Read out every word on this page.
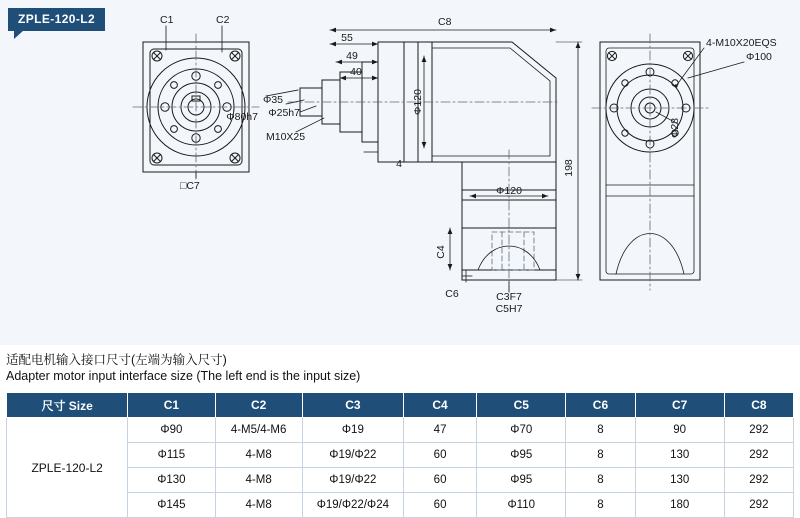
C1	C2
□C7
C8
55
49
40
4
Φ80h7
Φ35
Φ25h7
M10X25
Φ120
Φ120
198
C4
C6	C3F7
C5H7
4-M10X20EQS
Φ100
Φ28
ZPLE-120-L2
适配电机输入接口尺寸(左端为输入尺寸)
Adapter motor input interface size (The left end is the input size)
尺寸 Size	C1	C2	C3	C4	C5	C6	C7	C8
ZPLE-120-L2	Φ90	4-M5/4-M6	Φ19	47	Φ70	8	90	292
	Φ115	4-M8	Φ19/Φ22	60	Φ95	8	130	292
	Φ130	4-M8	Φ19/Φ22	60	Φ95	8	130	292
	Φ145	4-M8	Φ19/Φ22/Φ24	60	Φ110	8	180	292
